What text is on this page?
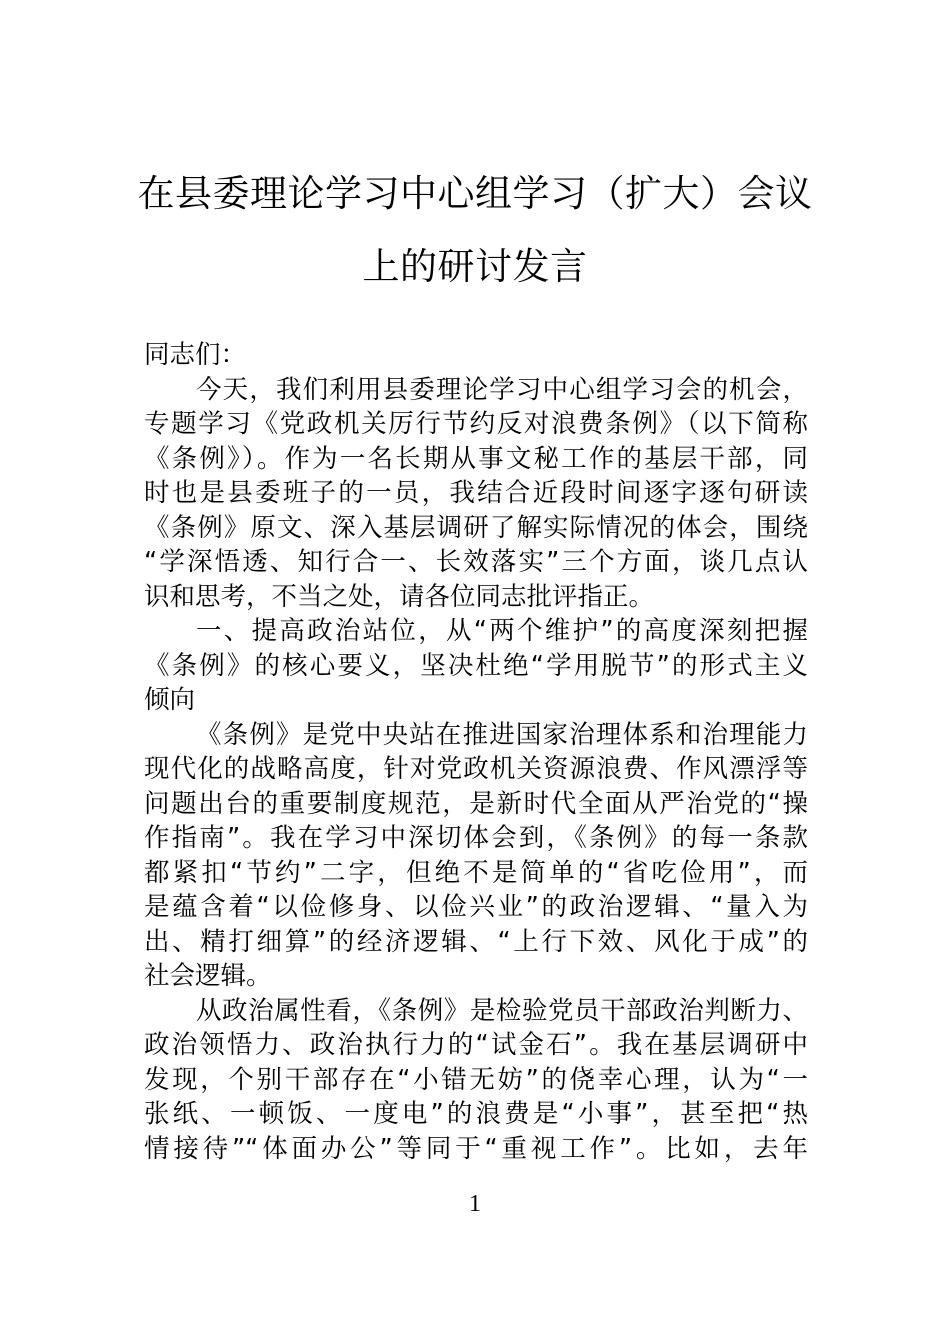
在县委理论学习中心组学习（扩大）会议
上的研讨发言
同志们：
今天，我们利用县委理论学习中心组学习会的机会，
专题学习《党政机关厉行节约反对浪费条例》（以下简称
《条例》）。作为一名长期从事文秘工作的基层干部，同
时也是县委班子的一员，我结合近段时间逐字逐句研读
《条例》原文、深入基层调研了解实际情况的体会，围绕
“学深悟透、知行合一、长效落实”三个方面，谈几点认
识和思考，不当之处，请各位同志批评指正。
一、提高政治站位，从“两个维护”的高度深刻把握
《条例》的核心要义，坚决杜绝“学用脱节”的形式主义
倾向
《条例》是党中央站在推进国家治理体系和治理能力
现代化的战略高度，针对党政机关资源浪费、作风漂浮等
问题出台的重要制度规范，是新时代全面从严治党的“操
作指南”。我在学习中深切体会到，《条例》的每一条款
都紧扣“节约”二字，但绝不是简单的“省吃俭用”，而
是蕴含着“以俭修身、以俭兴业”的政治逻辑、“量入为
出、精打细算”的经济逻辑、“上行下效、风化于成”的
社会逻辑。
从政治属性看，《条例》是检验党员干部政治判断力、
政治领悟力、政治执行力的“试金石”。我在基层调研中
发现，个别干部存在“小错无妨”的侥幸心理，认为“一
张纸、一顿饭、一度电”的浪费是“小事”，甚至把“热
情接待”“体面办公”等同于“重视工作”。比如，去年
1
